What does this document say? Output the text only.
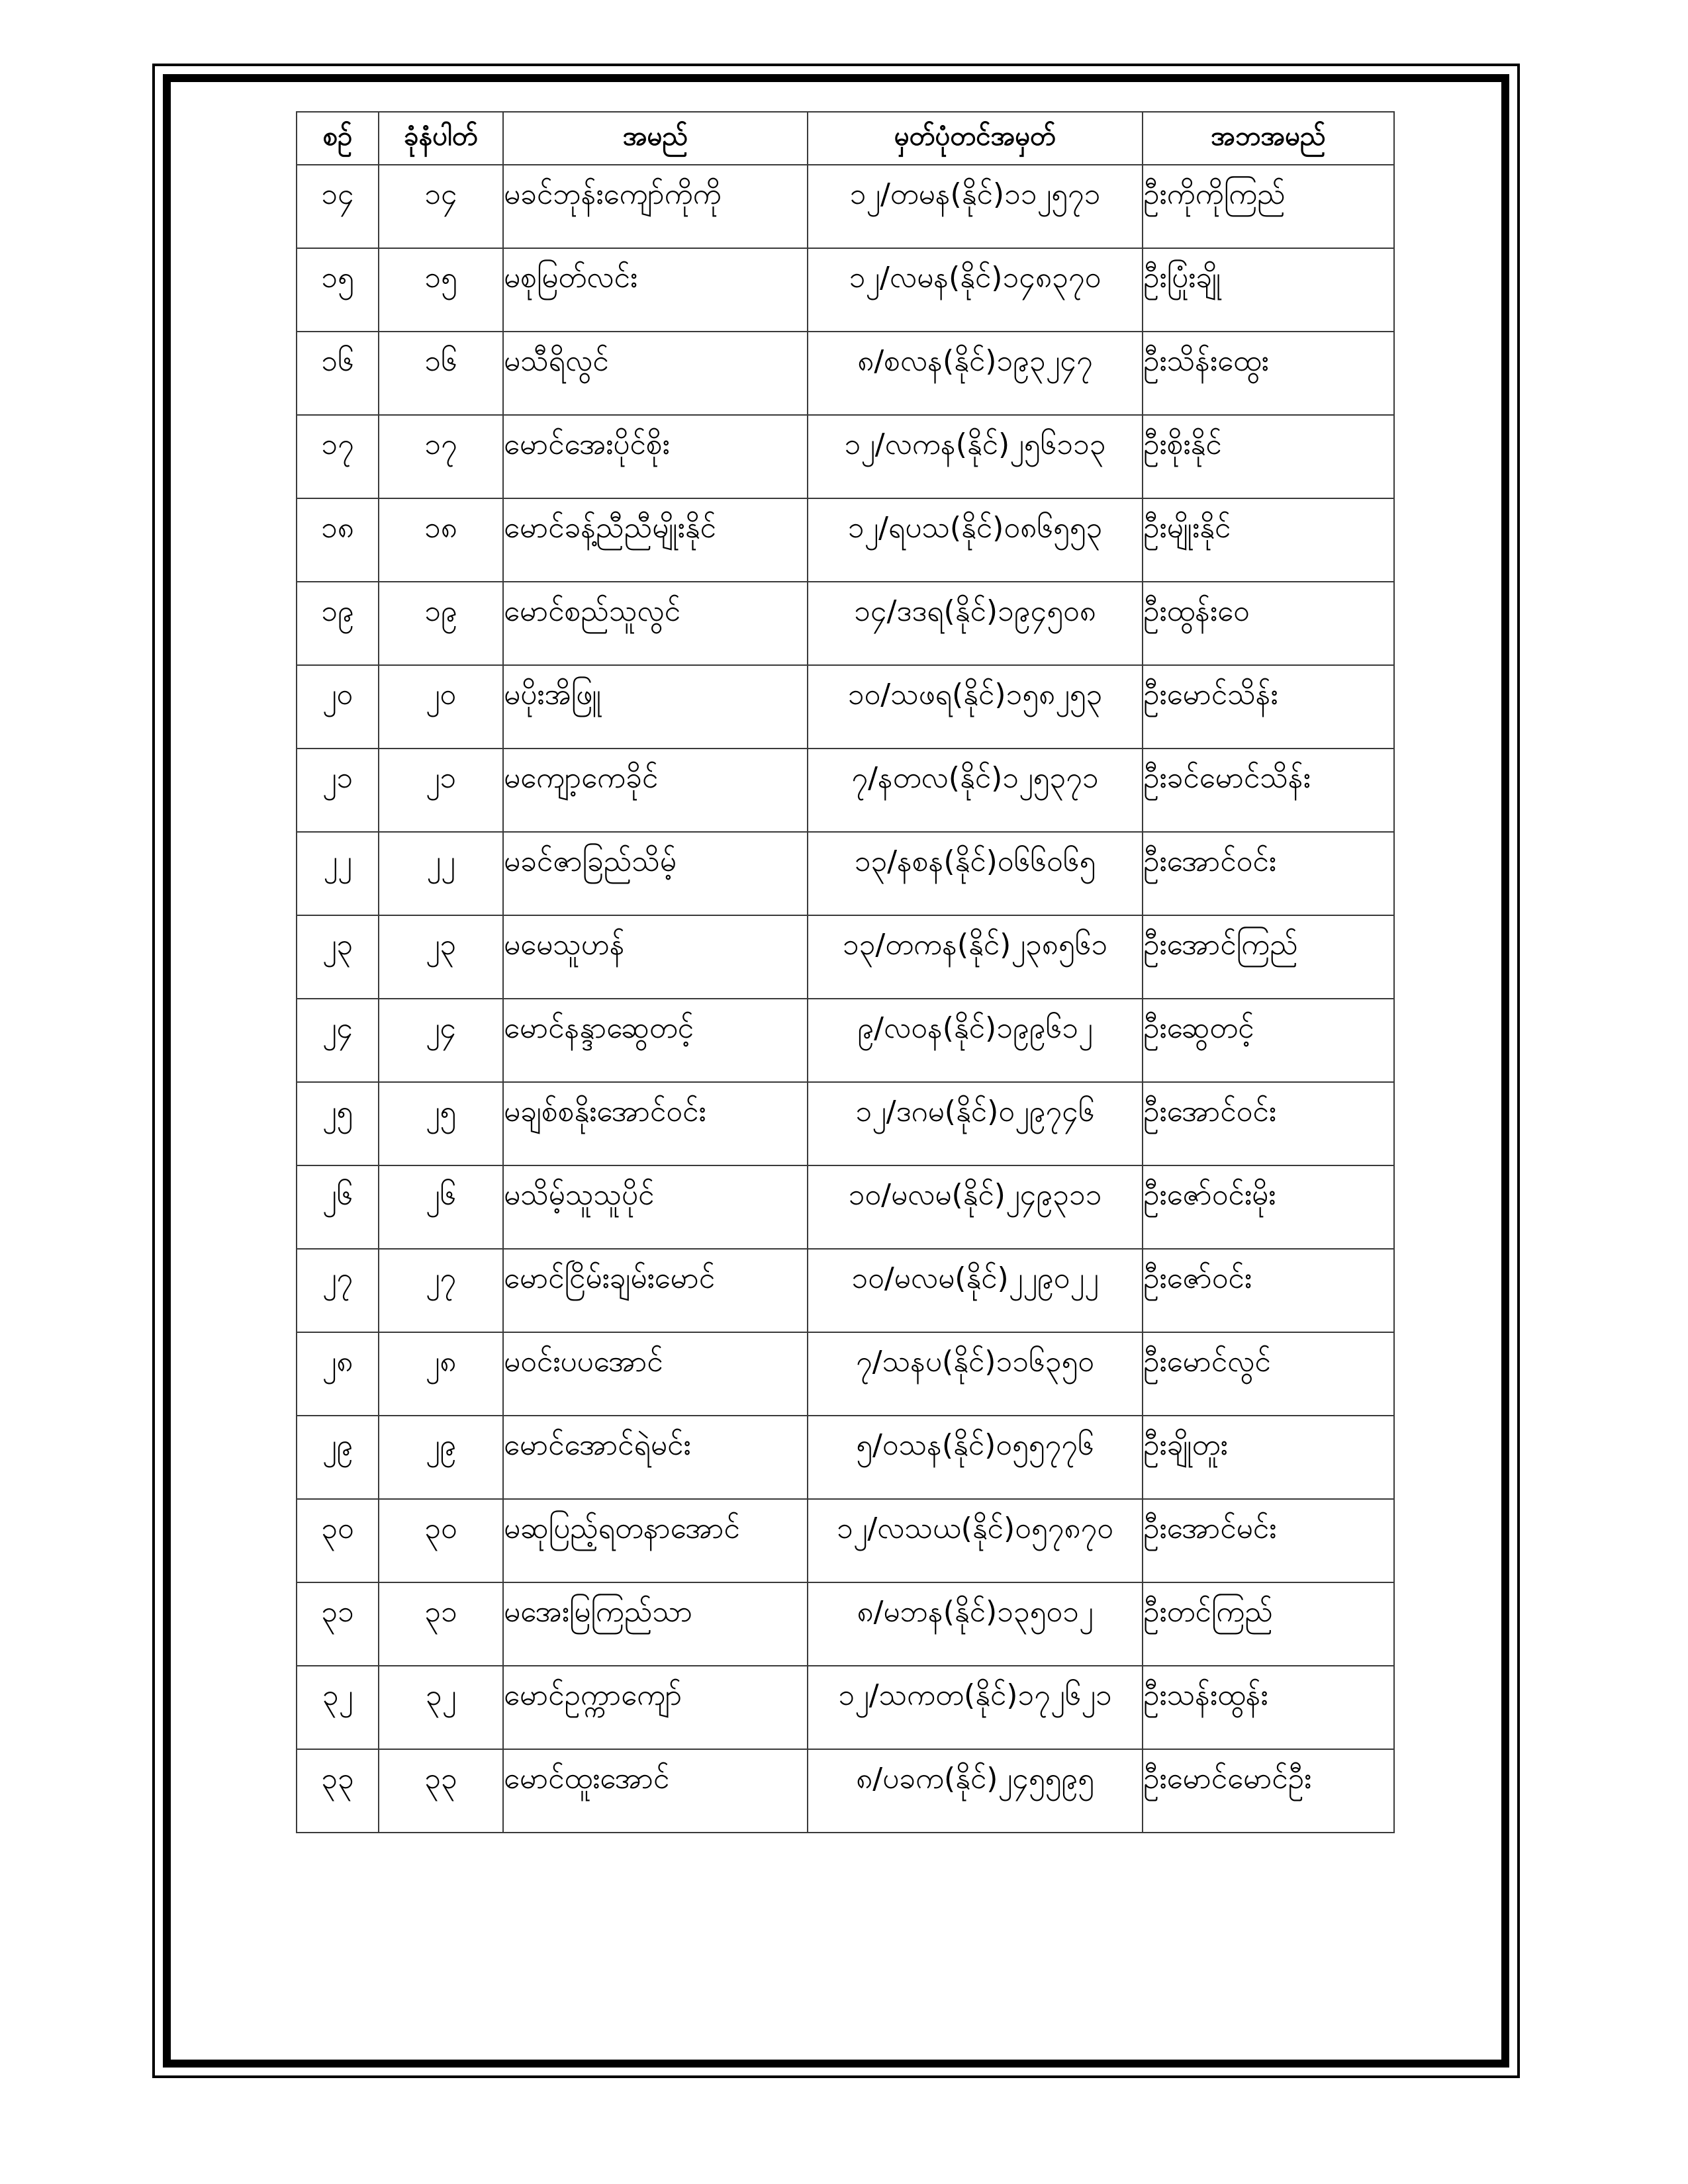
စဉ်	ခုံနံပါတ်	အမည်	မှတ်ပုံတင်အမှတ်	အဘအမည်
၁၄	၁၄	မခင်ဘုန်းကျော်ကိုကို	၁၂/တမန(နိုင်)၁၁၂၅၇၁	ဦးကိုကိုကြည်
၁၅	၁၅	မစုမြတ်လင်း	၁၂/လမန(နိုင်)၁၄၈၃၇၀	ဦးပြုံးချို
၁၆	၁၆	မသီရိလွင်	၈/စလန(နိုင်)၁၉၃၂၄၇	ဦးသိန်းထွေး
၁၇	၁၇	မောင်အေးပိုင်စိုး	၁၂/လကန(နိုင်)၂၅၆၁၁၃	ဦးစိုးနိုင်
၁၈	၁၈	မောင်ခန့်ညီညီမျိုးနိုင်	၁၂/ရပသ(နိုင်)၀၈၆၅၅၃	ဦးမျိုးနိုင်
၁၉	၁၉	မောင်စည်သူလွင်	၁၄/ဒဒရ(နိုင်)၁၉၄၅၀၈	ဦးထွန်းဝေ
၂၀	၂၀	မပိုးအိဖြူ	၁၀/သဖရ(နိုင်)၁၅၈၂၅၃	ဦးမောင်သိန်း
၂၁	၂၁	မကျော့ကေခိုင်	၇/နတလ(နိုင်)၁၂၅၃၇၁	ဦးခင်မောင်သိန်း
၂၂	၂၂	မခင်ဇာခြည်သိမ့်	၁၃/နစန(နိုင်)၀၆၆၀၆၅	ဦးအောင်ဝင်း
၂၃	၂၃	မမေသူဟန်	၁၃/တကန(နိုင်)၂၃၈၅၆၁	ဦးအောင်ကြည်
၂၄	၂၄	မောင်နန္ဒာဆွေတင့်	၉/လဝန(နိုင်)၁၉၉၆၁၂	ဦးဆွေတင့်
၂၅	၂၅	မချစ်စနိုးအောင်ဝင်း	၁၂/ဒဂမ(နိုင်)၀၂၉၇၄၆	ဦးအောင်ဝင်း
၂၆	၂၆	မသိမ့်သူသူပိုင်	၁၀/မလမ(နိုင်)၂၄၉၃၁၁	ဦးဇော်ဝင်းမိုး
၂၇	၂၇	မောင်ငြိမ်းချမ်းမောင်	၁၀/မလမ(နိုင်)၂၂၉၀၂၂	ဦးဇော်ဝင်း
၂၈	၂၈	မဝင်းပပအောင်	၇/သနပ(နိုင်)၁၁၆၃၅၀	ဦးမောင်လွင်
၂၉	၂၉	မောင်အောင်ရဲမင်း	၅/ဝသန(နိုင်)၀၅၅၇၇၆	ဦးချိုတူး
၃၀	၃၀	မဆုပြည့်ရတနာအောင်	၁၂/လသယ(နိုင်)၀၅၇၈၇၀	ဦးအောင်မင်း
၃၁	၃၁	မအေးမြကြည်သာ	၈/မဘန(နိုင်)၁၃၅၀၁၂	ဦးတင်ကြည်
၃၂	၃၂	မောင်ဥက္ကာကျော်	၁၂/သကတ(နိုင်)၁၇၂၆၂၁	ဦးသန်းထွန်း
၃၃	၃၃	မောင်ထူးအောင်	၈/ပခက(နိုင်)၂၄၅၅၉၅	ဦးမောင်မောင်ဦး
